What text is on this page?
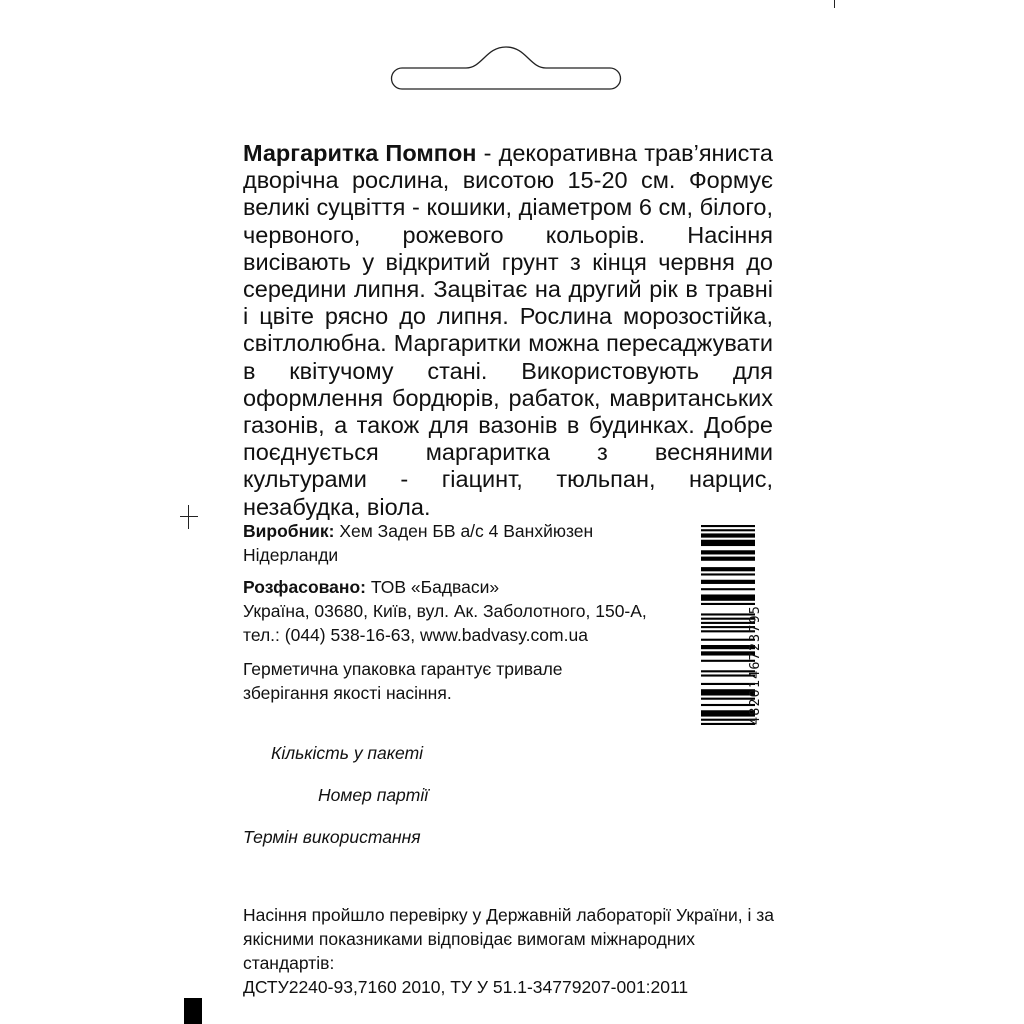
Маргаритка Помпон - декоративна трав’яниста дворічна рослина, висотою 15-20 см. Формує великі суцвіття - кошики, діаметром 6 см, білого, червоного, рожевого кольорів. Насіння висівають у відкритий грунт з кінця червня до середини липня. Зацвітає на другий рік в травні і цвіте рясно до липня. Рослина морозостійка, світлолюбна. Маргаритки можна пересаджувати в квітучому стані. Використовують для оформлення бордюрів, рабаток, мавританських газонів, а також для вазонів в будинках. Добре поєднується маргаритка з весняними культурами - гіацинт, тюльпан, нарцис, незабудка, віола.

Виробник: Хем Заден БВ а/с 4 Ванхйюзен
Нідерланди

Розфасовано: ТОВ «Бадваси»
Україна, 03680, Київ, вул. Ак. Заболотного, 150-А,
тел.: (044) 538-16-63, www.badvasy.com.ua

Герметична упаковка гарантує тривале
зберігання якості насіння.

Кількість у пакеті

Номер партії

Термін використання

Насіння пройшло перевірку у Державній лабораторії України, і за
якісними показниками відповідає вимогам міжнародних стандартів:
ДСТУ2240-93,7160 2010, ТУ У 51.1-34779207-001:2011

4820146723795
